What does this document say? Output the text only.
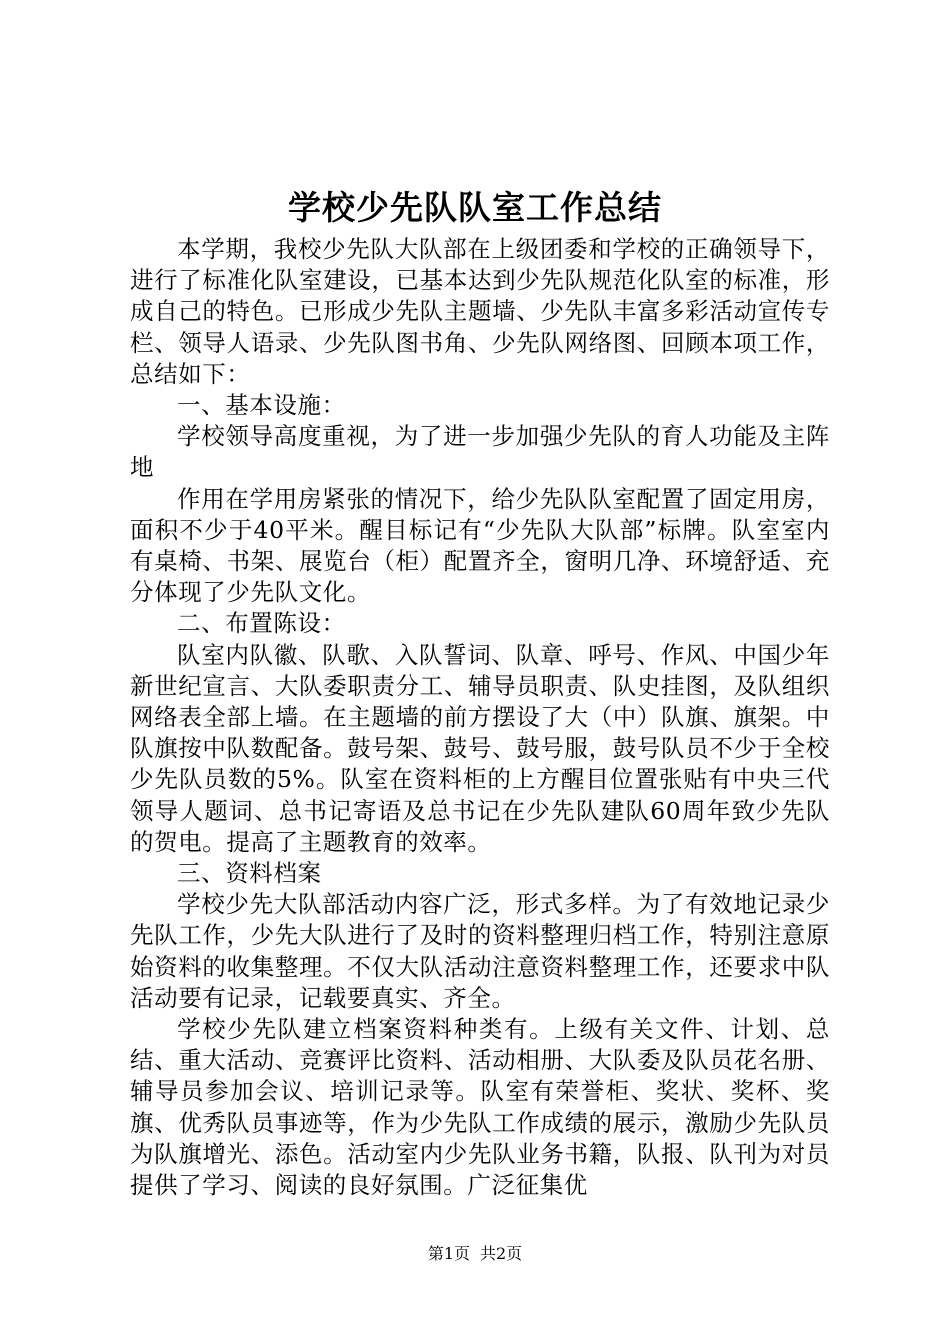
学校少先队队室工作总结

本学期，我校少先队大队部在上级团委和学校的正确领导下，进行了标准化队室建设，已基本达到少先队规范化队室的标准，形成自己的特色。已形成少先队主题墙、少先队丰富多彩活动宣传专栏、领导人语录、少先队图书角、少先队网络图、回顾本项工作，总结如下：

一、基本设施：

学校领导高度重视，为了进一步加强少先队的育人功能及主阵地

作用在学用房紧张的情况下，给少先队队室配置了固定用房，面积不少于40平米。醒目标记有“少先队大队部”标牌。队室室内有桌椅、书架、展览台（柜）配置齐全，窗明几净、环境舒适、充分体现了少先队文化。

二、布置陈设：

队室内队徽、队歌、入队誓词、队章、呼号、作风、中国少年新世纪宣言、大队委职责分工、辅导员职责、队史挂图，及队组织网络表全部上墙。在主题墙的前方摆设了大（中）队旗、旗架。中队旗按中队数配备。鼓号架、鼓号、鼓号服，鼓号队员不少于全校少先队员数的5%。队室在资料柜的上方醒目位置张贴有中央三代领导人题词、总书记寄语及总书记在少先队建队60周年致少先队的贺电。提高了主题教育的效率。

三、资料档案

学校少先大队部活动内容广泛，形式多样。为了有效地记录少先队工作，少先大队进行了及时的资料整理归档工作，特别注意原始资料的收集整理。不仅大队活动注意资料整理工作，还要求中队活动要有记录，记载要真实、齐全。

学校少先队建立档案资料种类有。上级有关文件、计划、总结、重大活动、竞赛评比资料、活动相册、大队委及队员花名册、辅导员参加会议、培训记录等。队室有荣誉柜、奖状、奖杯、奖旗、优秀队员事迹等，作为少先队工作成绩的展示，激励少先队员为队旗增光、添色。活动室内少先队业务书籍，队报、队刊为对员提供了学习、阅读的良好氛围。广泛征集优

第1页 共2页
